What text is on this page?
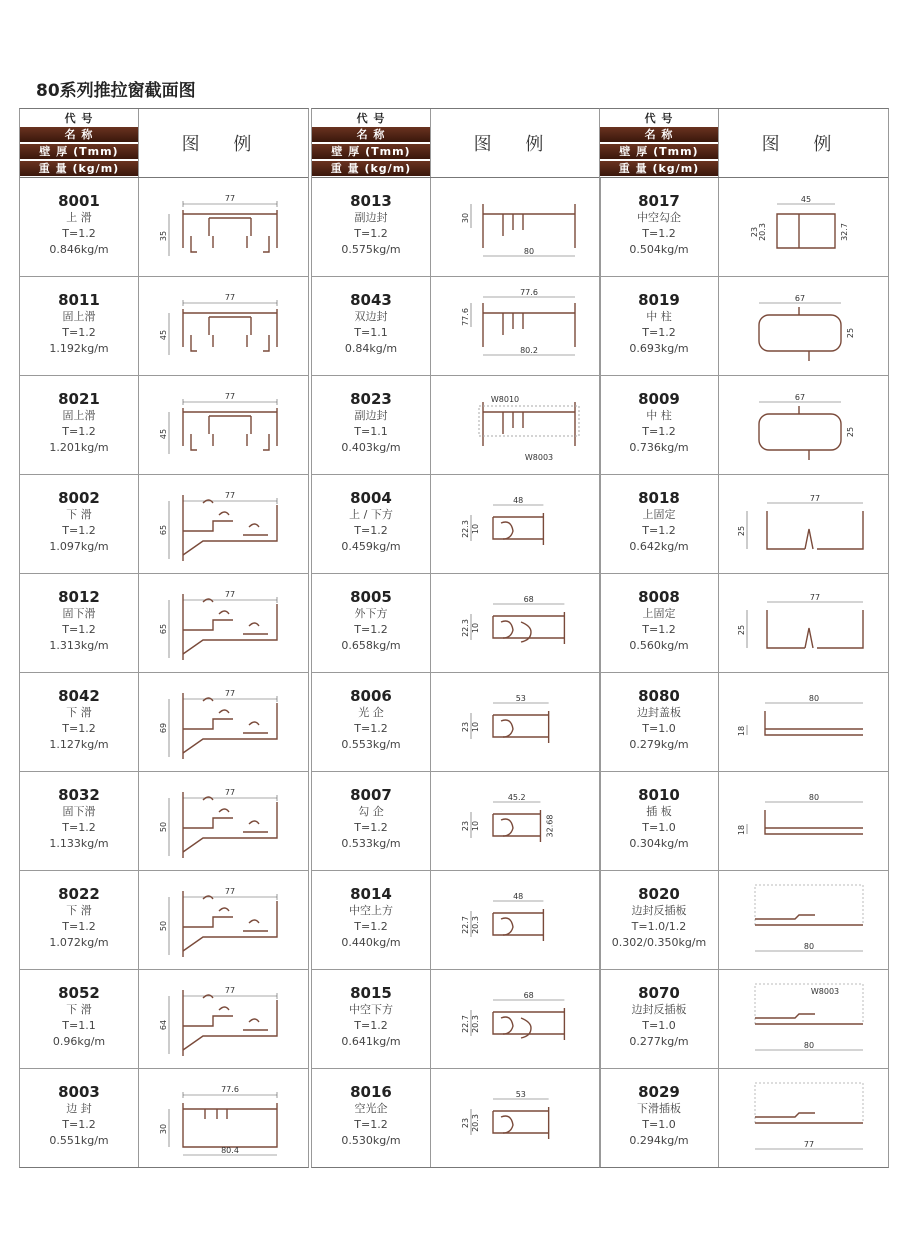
80系列推拉窗截面图
代 号
名 称
壁 厚 (Tmm)
重 量 (kg/m)
图 例
8001
上 滑
T=1.2
0.846kg/m
77
35
8011
固上滑
T=1.2
1.192kg/m
77
45
8021
固上滑
T=1.2
1.201kg/m
77
45
8002
下 滑
T=1.2
1.097kg/m
77
65
8012
固下滑
T=1.2
1.313kg/m
77
65
8042
下 滑
T=1.2
1.127kg/m
77
69
8032
固下滑
T=1.2
1.133kg/m
77
50
8022
下 滑
T=1.2
1.072kg/m
77
50
8052
下 滑
T=1.1
0.96kg/m
77
64
8003
边 封
T=1.2
0.551kg/m
77.6
30
80.4
代 号
名 称
壁 厚 (Tmm)
重 量 (kg/m)
图 例
8013
副边封
T=1.2
0.575kg/m
30
80
8043
双边封
T=1.1
0.84kg/m
77.6
80.2
77.6
8023
副边封
T=1.1
0.403kg/m
W8010
W8003
8004
上 / 下方
T=1.2
0.459kg/m
48
22.3 10
8005
外下方
T=1.2
0.658kg/m
68
22.3 10
8006
光 企
T=1.2
0.553kg/m
53
23 10
8007
勾 企
T=1.2
0.533kg/m
45.2
23 10	32.68
8014
中空上方
T=1.2
0.440kg/m
48
22.7 20.3
8015
中空下方
T=1.2
0.641kg/m
68
22.7 20.3
8016
空光企
T=1.2
0.530kg/m
53
23 20.3
代 号
名 称
壁 厚 (Tmm)
重 量 (kg/m)
图 例
8017
中空勾企
T=1.2
0.504kg/m
45
23 20.3	32.7
8019
中 柱
T=1.2
0.693kg/m
67
25
8009
中 柱
T=1.2
0.736kg/m
67
25
8018
上固定
T=1.2
0.642kg/m
77
25
8008
上固定
T=1.2
0.560kg/m
77
25
8080
边封盖板
T=1.0
0.279kg/m
80
18
8010
插 板
T=1.0
0.304kg/m
80
18
8020
边封反插板
T=1.0/1.2
0.302/0.350kg/m	80
8070
边封反插板
T=1.0
0.277kg/m
W8003
80
8029
下滑插板
T=1.0
0.294kg/m	77
